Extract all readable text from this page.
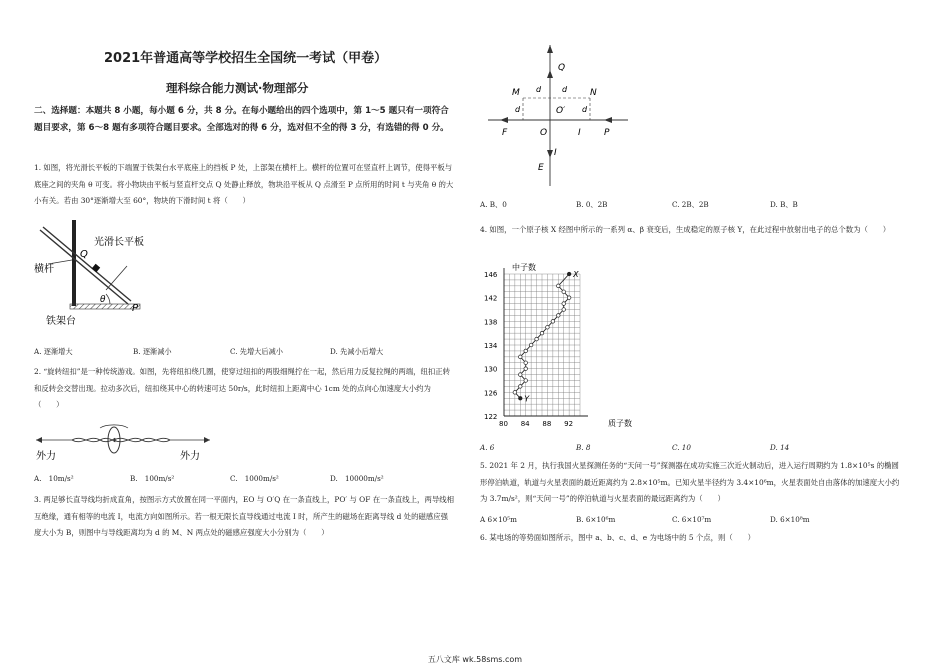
2021年普通高等学校招生全国统一考试（甲卷）
理科综合能力测试·物理部分
二、选择题：本题共 8 小题，每小题 6 分，共 8 分。在每小题给出的四个选项中，第 1～5 题只有一项符合题目要求，第 6～8 题有多项符合题目要求。全部选对的得 6 分，选对但不全的得 3 分，有选错的得 0 分。
1. 如图，将光滑长平板的下端置于铁架台水平底座上的挡板 P 处，上部架在横杆上。横杆的位置可在竖直杆上调节，使得平板与底座之间的夹角 θ 可变。将小物块由平板与竖直杆交点 Q 处静止释放，物块沿平板从 Q 点滑至 P 点所用的时间 t 与夹角 θ 的大小有关。若由 30°逐渐增大至 60°，物块的下滑时间 t 将（　　）
光滑长平板
横杆
铁架台
Q
P
θ
A. 逐渐增大	B. 逐渐减小	C. 先增大后减小	D. 先减小后增大
2. “旋转纽扣”是一种传统游戏。如图，先将纽扣绕几圈，使穿过纽扣的两股细绳拧在一起，然后用力反复拉绳的两端，纽扣正转和反转会交替出现。拉动多次后，纽扣绕其中心的转速可达 50r/s，此时纽扣上距离中心 1cm 处的点向心加速度大小约为（　　）
外力	外力
A.　10m/s²	B.　100m/s²	C.　1000m/s²	D.　10000m/s²
3. 两足够长直导线均折成直角，按图示方式放置在同一平面内，EO 与 O′Q 在一条直线上，PO′ 与 OF 在一条直线上，两导线相互绝缘，通有相等的电流 I，电流方向如图所示。若一根无限长直导线通过电流 I 时，所产生的磁场在距离导线 d 处的磁感应强度大小为 B，则图中与导线距离均为 d 的 M、N 两点处的磁感应强度大小分别为（　　）
Q
M	N
d	d
d	d
O′
F	O	I	P
I
E
A. B、0	B. 0、2B	C. 2B、2B	D. B、B
4. 如图，一个原子核 X 经图中所示的一系列 α、β 衰变后，生成稳定的原子核 Y，在此过程中放射出电子的总个数为（　　）
80 84 88 92
122
126
130
134
138
142
146	X
Y
中子数
质子数
A. 6	B. 8	C. 10	D. 14
5. 2021 年 2 月，执行我国火星探测任务的“天问一号”探测器在成功实施三次近火制动后，进入运行周期约为 1.8×10⁵s 的椭圆形停泊轨道，轨道与火星表面的最近距离约为 2.8×10⁵m。已知火星半径约为 3.4×10⁶m，火星表面处自由落体的加速度大小约为 3.7m/s²，则“天问一号”的停泊轨道与火星表面的最远距离约为（　　）
A 6×10⁵m	B. 6×10⁶m	C. 6×10⁷m	D. 6×10⁸m
6. 某电场的等势面如图所示，图中 a、b、c、d、e 为电场中的 5 个点，则（　　）
五八文库 wk.58sms.com
